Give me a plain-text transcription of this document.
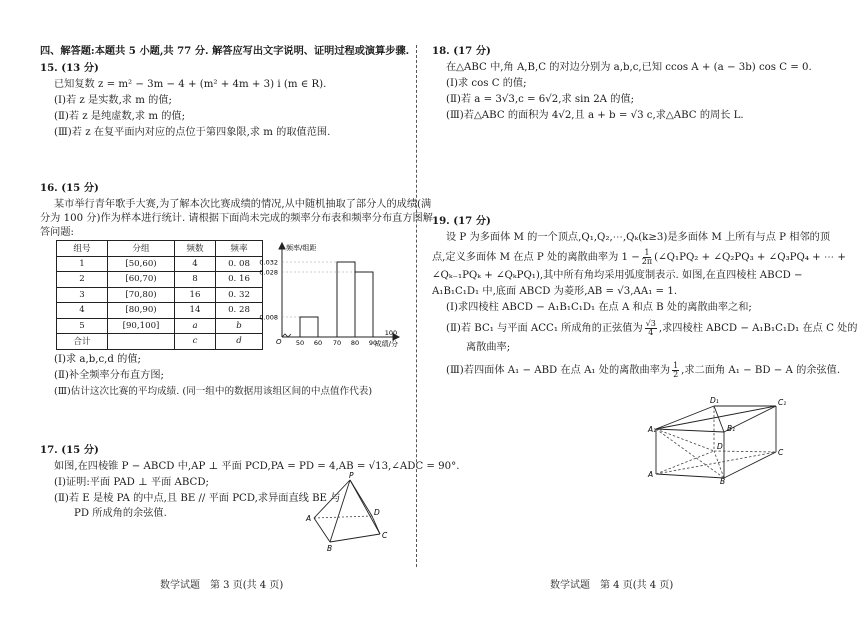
四、解答题:本题共 5 小题,共 77 分. 解答应写出文字说明、证明过程或演算步骤.
15. (13 分)
已知复数 z = m² − 3m − 4 + (m² + 4m + 3) i (m ∈ R).
(Ⅰ)若 z 是实数,求 m 的值;
(Ⅱ)若 z 是纯虚数,求 m 的值;
(Ⅲ)若 z 在复平面内对应的点位于第四象限,求 m 的取值范围.
16. (15 分)
某市举行青年歌手大赛,为了解本次比赛成绩的情况,从中随机抽取了部分人的成绩(满
分为 100 分)作为样本进行统计. 请根据下面尚未完成的频率分布表和频率分布直方图解
答问题:
组号	分组	频数	频率
1	[50,60)	4	0. 08
2	[60,70)	8	0. 16
3	[70,80)	16	0. 32
4	[80,90)	14	0. 28
5	[90,100]	a	b
合计		c	d
频率/组距
成绩/分
O
0.032
0.028
0.008
50 60 70 80 90
100
(Ⅰ)求 a,b,c,d 的值;
(Ⅱ)补全频率分布直方图;
(Ⅲ)估计这次比赛的平均成绩. (同一组中的数据用该组区间的中点值作代表)
17. (15 分)
如图,在四棱锥 P − ABCD 中,AP ⊥ 平面 PCD,PA = PD = 4,AB = √13,∠ADC = 90°.
(Ⅰ)证明:平面 PAD ⊥ 平面 ABCD;
(Ⅱ)若 E 是棱 PA 的中点,且 BE // 平面 PCD,求异面直线 BE 与
PD 所成角的余弦值.
P
A
B
C
D
数学试题　第 3 页(共 4 页)
18. (17 分)
在△ABC 中,角 A,B,C 的对边分别为 a,b,c,已知 ccos A + (a − 3b) cos C = 0.
(Ⅰ)求 cos C 的值;
(Ⅱ)若 a = 3√3,c = 6√2,求 sin 2A 的值;
(Ⅲ)若△ABC 的面积为 4√2,且 a + b = √3 c,求△ABC 的周长 L.
19. (17 分)
设 P 为多面体 M 的一个顶点,Q₁,Q₂,⋯,Qₖ(k≥3)是多面体 M 上所有与点 P 相邻的顶
点,定义多面体 M 在点 P 处的离散曲率为 $1 - \frac{1}{2\pi}$ (∠Q₁PQ₂ + ∠Q₂PQ₃ + ∠Q₃PQ₄ + ⋯ +
∠Qₖ₋₁PQₖ + ∠QₖPQ₁),其中所有角均采用弧度制表示. 如图,在直四棱柱 ABCD −
A₁B₁C₁D₁ 中,底面 ABCD 为菱形,AB = √3,AA₁ = 1.
(Ⅰ)求四棱柱 ABCD − A₁B₁C₁D₁ 在点 A 和点 B 处的离散曲率之和;
(Ⅱ)若 BC₁ 与平面 ACC₁ 所成角的正弦值为 $\frac{√3}{4}$ ,求四棱柱 ABCD − A₁B₁C₁D₁ 在点 C 处的
离散曲率;
(Ⅲ)若四面体 A₁ − ABD 在点 A₁ 处的离散曲率为 $\frac{1}{2}$ ,求二面角 A₁ − BD − A 的余弦值.
A₁
D₁	C₁
B₁
A
D
C
B
数学试题　第 4 页(共 4 页)
